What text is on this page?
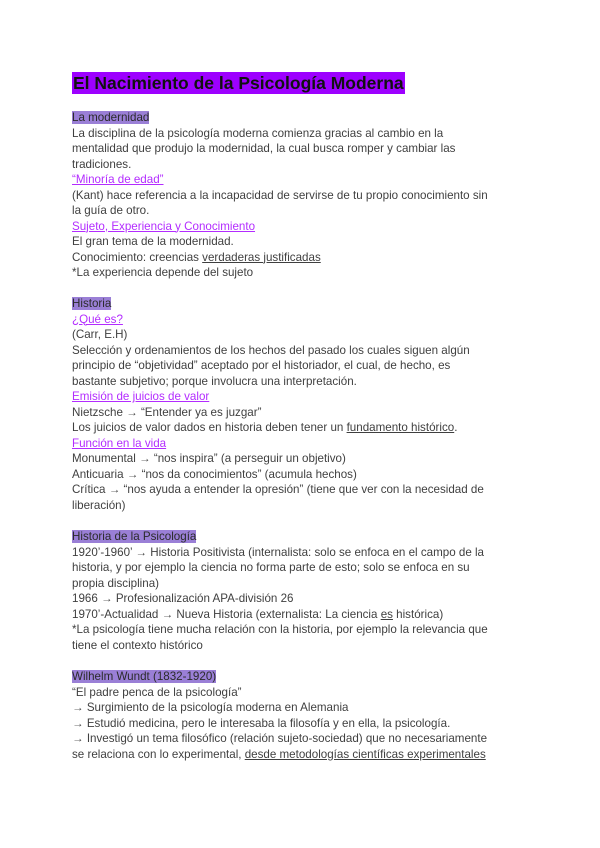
El Nacimiento de la Psicología Moderna
La modernidad
La disciplina de la psicología moderna comienza gracias al cambio en la
mentalidad que produjo la modernidad, la cual busca romper y cambiar las
tradiciones.
“Minoría de edad”
(Kant) hace referencia a la incapacidad de servirse de tu propio conocimiento sin
la guía de otro.
Sujeto, Experiencia y Conocimiento
El gran tema de la modernidad.
Conocimiento: creencias verdaderas justificadas
*La experiencia depende del sujeto
Historia
¿Qué es?
(Carr, E.H)
Selección y ordenamientos de los hechos del pasado los cuales siguen algún
principio de “objetividad” aceptado por el historiador, el cual, de hecho, es
bastante subjetivo; porque involucra una interpretación.
Emisión de juicios de valor
Nietzsche → “Entender ya es juzgar”
Los juicios de valor dados en historia deben tener un fundamento histórico.
Función en la vida
Monumental → “nos inspira” (a perseguir un objetivo)
Anticuaria → “nos da conocimientos” (acumula hechos)
Crítica → “nos ayuda a entender la opresión” (tiene que ver con la necesidad de
liberación)
Historia de la Psicología
1920’-1960’ → Historia Positivista (internalista: solo se enfoca en el campo de la
historia, y por ejemplo la ciencia no forma parte de esto; solo se enfoca en su
propia disciplina)
1966 → Profesionalización APA-división 26
1970’-Actualidad → Nueva Historia (externalista: La ciencia es histórica)
*La psicología tiene mucha relación con la historia, por ejemplo la relevancia que
tiene el contexto histórico
Wilhelm Wundt (1832-1920)
“El padre penca de la psicología”
→ Surgimiento de la psicología moderna en Alemania
→ Estudió medicina, pero le interesaba la filosofía y en ella, la psicología.
→ Investigó un tema filosófico (relación sujeto-sociedad) que no necesariamente
se relaciona con lo experimental, desde metodologías científicas experimentales
